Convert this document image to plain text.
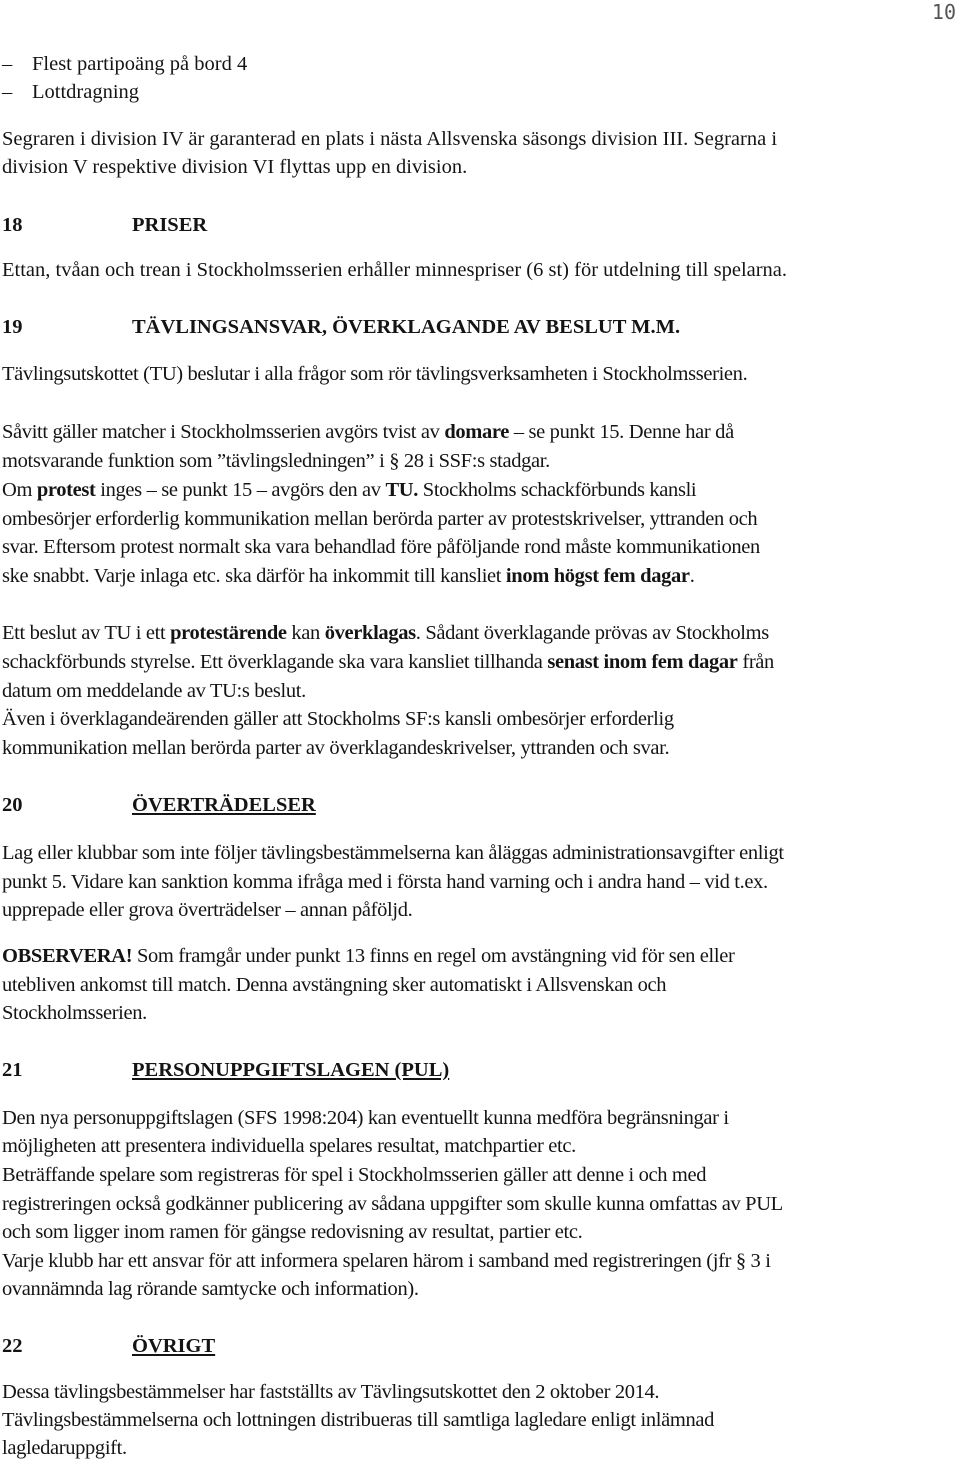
10

– Flest partipoäng på bord 4

– Lottdragning

Segraren i division IV är garanterad en plats i nästa Allsvenska säsongs division III. Segrarna i

division V respektive division VI flyttas upp en division.

18	PRISER

Ettan, tvåan och trean i Stockholmsserien erhåller minnespriser (6 st) för utdelning till spelarna.

19	TÄVLINGSANSVAR, ÖVERKLAGANDE AV BESLUT M.M.

Tävlingsutskottet (TU) beslutar i alla frågor som rör tävlingsverksamheten i Stockholmsserien.

Såvitt gäller matcher i Stockholmsserien avgörs tvist av domare – se punkt 15. Denne har då

motsvarande funktion som ”tävlingsledningen” i § 28 i SSF:s stadgar.

Om protest inges – se punkt 15 – avgörs den av TU. Stockholms schackförbunds kansli

ombesörjer erforderlig kommunikation mellan berörda parter av protestskrivelser, yttranden och

svar. Eftersom protest normalt ska vara behandlad före påföljande rond måste kommunikationen

ske snabbt. Varje inlaga etc. ska därför ha inkommit till kansliet inom högst fem dagar.

Ett beslut av TU i ett protestärende kan överklagas. Sådant överklagande prövas av Stockholms

schackförbunds styrelse. Ett överklagande ska vara kansliet tillhanda senast inom fem dagar från

datum om meddelande av TU:s beslut.

Även i överklagandeärenden gäller att Stockholms SF:s kansli ombesörjer erforderlig

kommunikation mellan berörda parter av överklagandeskrivelser, yttranden och svar.

20	ÖVERTRÄDELSER

Lag eller klubbar som inte följer tävlingsbestämmelserna kan åläggas administrationsavgifter enligt

punkt 5. Vidare kan sanktion komma ifråga med i första hand varning och i andra hand – vid t.ex.

upprepade eller grova överträdelser – annan påföljd.

OBSERVERA! Som framgår under punkt 13 finns en regel om avstängning vid för sen eller

utebliven ankomst till match. Denna avstängning sker automatiskt i Allsvenskan och

Stockholmsserien.

21	PERSONUPPGIFTSLAGEN (PUL)

Den nya personuppgiftslagen (SFS 1998:204) kan eventuellt kunna medföra begränsningar i

möjligheten att presentera individuella spelares resultat, matchpartier etc.

Beträffande spelare som registreras för spel i Stockholmsserien gäller att denne i och med

registreringen också godkänner publicering av sådana uppgifter som skulle kunna omfattas av PUL

och som ligger inom ramen för gängse redovisning av resultat, partier etc.

Varje klubb har ett ansvar för att informera spelaren härom i samband med registreringen (jfr § 3 i

ovannämnda lag rörande samtycke och information).

22	ÖVRIGT

Dessa tävlingsbestämmelser har fastställts av Tävlingsutskottet den 2 oktober 2014.

Tävlingsbestämmelserna och lottningen distribueras till samtliga lagledare enligt inlämnad

lagledaruppgift.
